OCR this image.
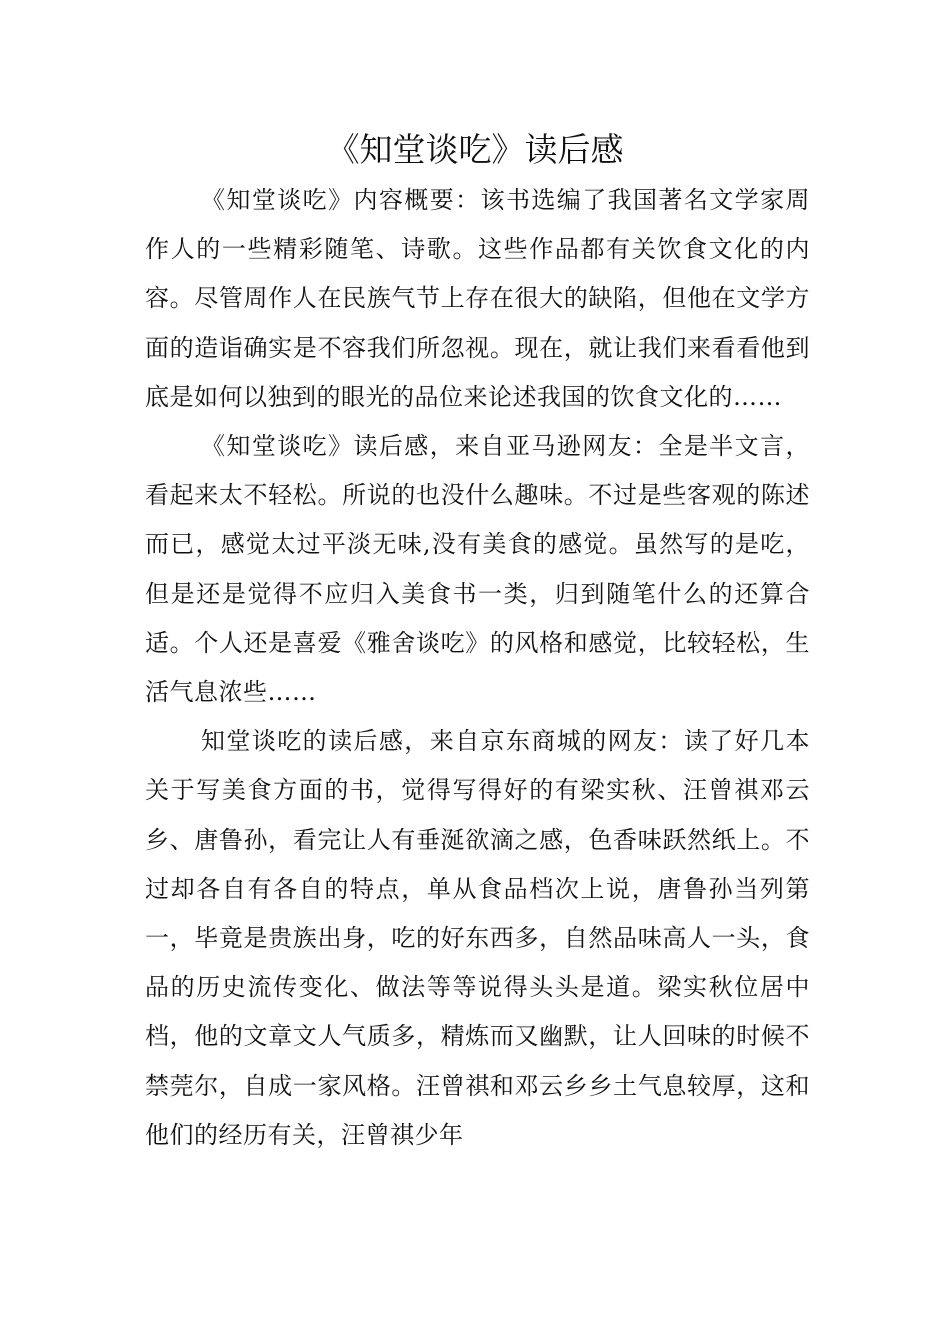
《知堂谈吃》读后感

《知堂谈吃》内容概要：该书选编了我国著名文学家周作人的一些精彩随笔、诗歌。这些作品都有关饮食文化的内容。尽管周作人在民族气节上存在很大的缺陷，但他在文学方面的造诣确实是不容我们所忽视。现在，就让我们来看看他到底是如何以独到的眼光的品位来论述我国的饮食文化的……

《知堂谈吃》读后感，来自亚马逊网友：全是半文言，看起来太不轻松。所说的也没什么趣味。不过是些客观的陈述而已，感觉太过平淡无味,没有美食的感觉。虽然写的是吃，但是还是觉得不应归入美食书一类，归到随笔什么的还算合适。个人还是喜爱《雅舍谈吃》的风格和感觉，比较轻松，生活气息浓些……

知堂谈吃的读后感，来自京东商城的网友：读了好几本关于写美食方面的书，觉得写得好的有梁实秋、汪曾祺邓云乡、唐鲁孙，看完让人有垂涎欲滴之感，色香味跃然纸上。不过却各自有各自的特点，单从食品档次上说，唐鲁孙当列第一，毕竟是贵族出身，吃的好东西多，自然品味高人一头，食品的历史流传变化、做法等等说得头头是道。梁实秋位居中档，他的文章文人气质多，精炼而又幽默，让人回味的时候不禁莞尔，自成一家风格。汪曾祺和邓云乡乡土气息较厚，这和他们的经历有关，汪曾祺少年
